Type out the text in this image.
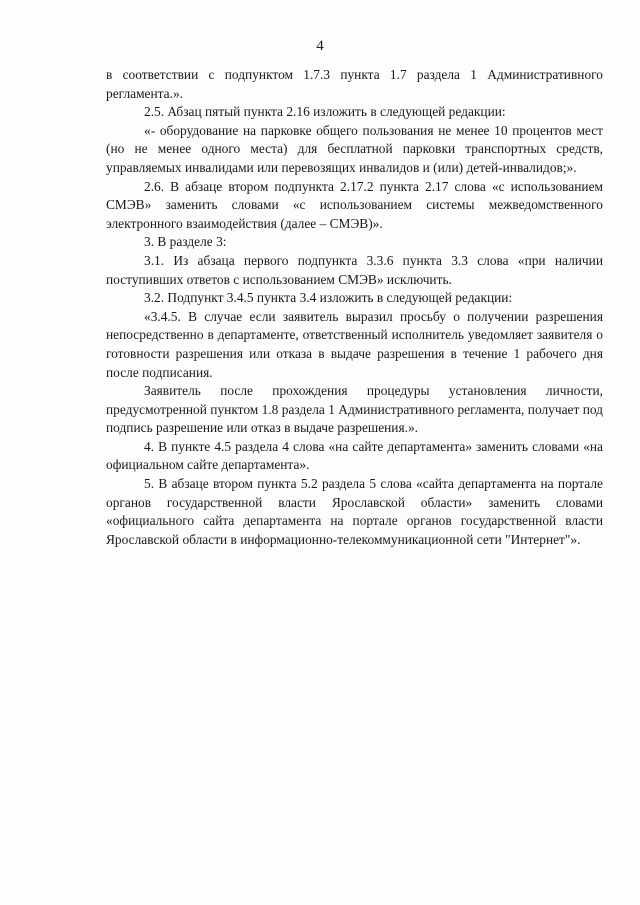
4

в соответствии с подпунктом 1.7.3 пункта 1.7 раздела 1 Административного регламента.».

2.5. Абзац пятый пункта 2.16 изложить в следующей редакции:

«- оборудование на парковке общего пользования не менее 10 процентов мест (но не менее одного места) для бесплатной парковки транспортных средств, управляемых инвалидами или перевозящих инвалидов и (или) детей-инвалидов;».

2.6. В абзаце втором подпункта 2.17.2 пункта 2.17 слова «с использованием СМЭВ» заменить словами «с использованием системы межведомственного электронного взаимодействия (далее – СМЭВ)».

3. В разделе 3:

3.1. Из абзаца первого подпункта 3.3.6 пункта 3.3 слова «при наличии поступивших ответов с использованием СМЭВ» исключить.

3.2. Подпункт 3.4.5 пункта 3.4 изложить в следующей редакции:

«3.4.5. В случае если заявитель выразил просьбу о получении разрешения непосредственно в департаменте, ответственный исполнитель уведомляет заявителя о готовности разрешения или отказа в выдаче разрешения в течение 1 рабочего дня после подписания.

Заявитель после прохождения процедуры установления личности, предусмотренной пунктом 1.8 раздела 1 Административного регламента, получает под подпись разрешение или отказ в выдаче разрешения.».

4. В пункте 4.5 раздела 4 слова «на сайте департамента» заменить словами «на официальном сайте департамента».

5. В абзаце втором пункта 5.2 раздела 5 слова «сайта департамента на портале органов государственной власти Ярославской области» заменить словами «официального сайта департамента на портале органов государственной власти Ярославской области в информационно-телекоммуникационной сети "Интернет"».
